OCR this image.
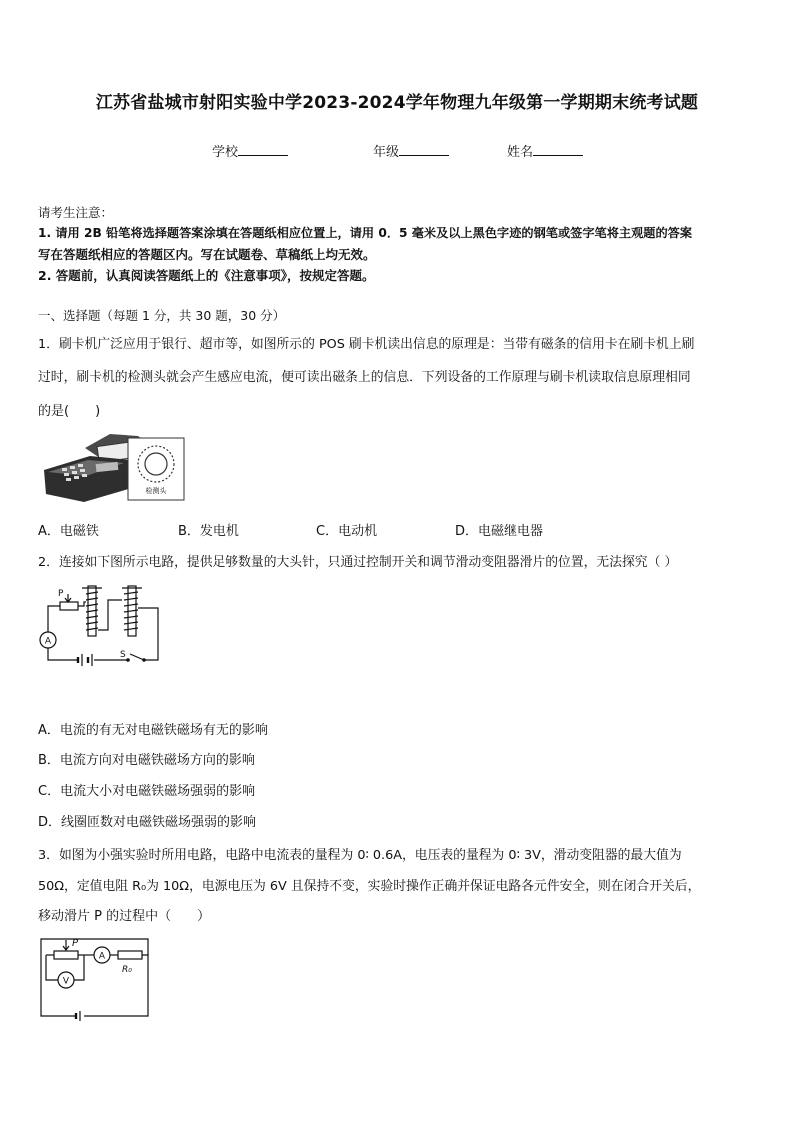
江苏省盐城市射阳实验中学2023-2024学年物理九年级第一学期期末统考试题
学校	年级	姓名
请考生注意：
1. 请用 2B 铅笔将选择题答案涂填在答题纸相应位置上，请用 0．5 毫米及以上黑色字迹的钢笔或签字笔将主观题的答案
写在答题纸相应的答题区内。写在试题卷、草稿纸上均无效。
2. 答题前，认真阅读答题纸上的《注意事项》，按规定答题。
一、选择题（每题 1 分，共 30 题，30 分）
1．刷卡机广泛应用于银行、超市等，如图所示的 POS 刷卡机读出信息的原理是：当带有磁条的信用卡在刷卡机上刷
过时，刷卡机的检测头就会产生感应电流，便可读出磁条上的信息．下列设备的工作原理与刷卡机读取信息原理相同
的是(　　)
检测头
A．电磁铁	B．发电机	C．电动机	D．电磁继电器
2．连接如下图所示电路，提供足够数量的大头针，只通过控制开关和调节滑动变阻器滑片的位置，无法探究（ ）
P
A
S
A．电流的有无对电磁铁磁场有无的影响
B．电流方向对电磁铁磁场方向的影响
C．电流大小对电磁铁磁场强弱的影响
D．线圈匝数对电磁铁磁场强弱的影响
3．如图为小强实验时所用电路，电路中电流表的量程为 0∶ 0.6A，电压表的量程为 0∶ 3V，滑动变阻器的最大值为
50Ω，定值电阻 R₀为 10Ω，电源电压为 6V 且保持不变，实验时操作正确并保证电路各元件安全，则在闭合开关后，
移动滑片 P 的过程中（　　）
P
A
V
R₀
